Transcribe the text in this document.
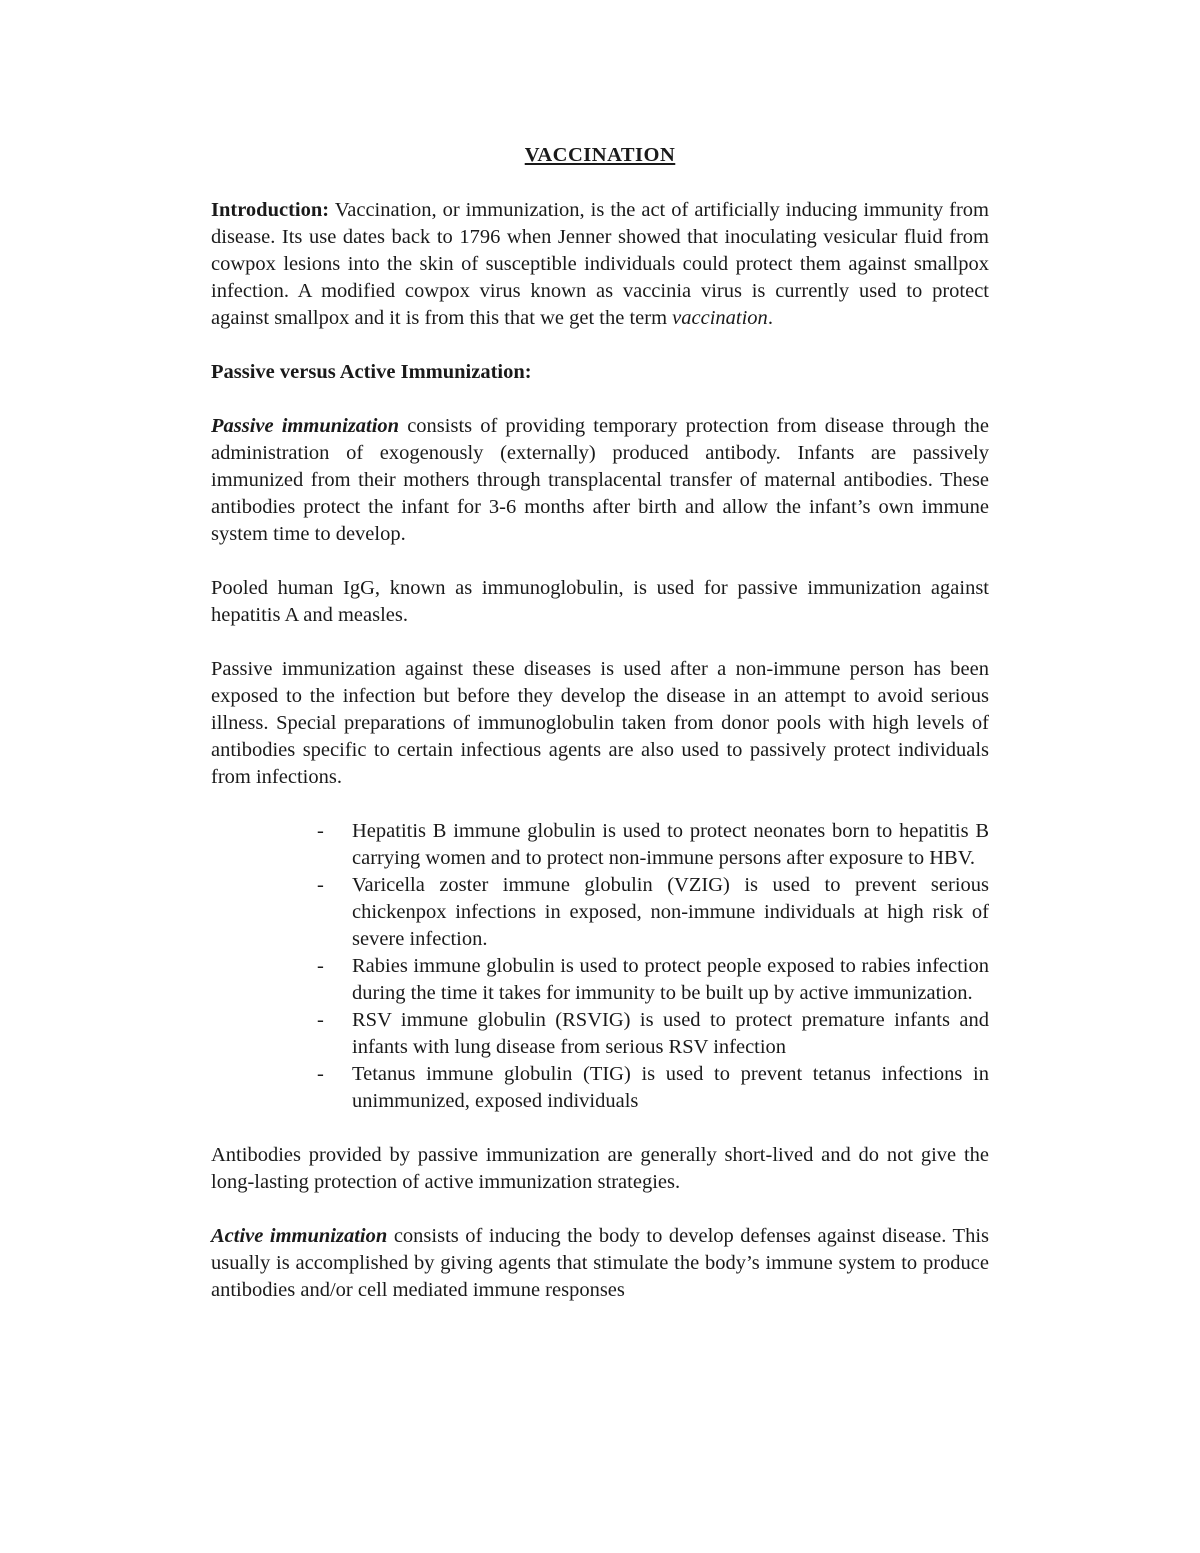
VACCINATION

Introduction: Vaccination, or immunization, is the act of artificially inducing immunity from disease. Its use dates back to 1796 when Jenner showed that inoculating vesicular fluid from cowpox lesions into the skin of susceptible individuals could protect them against smallpox infection. A modified cowpox virus known as vaccinia virus is currently used to protect against smallpox and it is from this that we get the term vaccination.

Passive versus Active Immunization:

Passive immunization consists of providing temporary protection from disease through the administration of exogenously (externally) produced antibody. Infants are passively immunized from their mothers through transplacental transfer of maternal antibodies. These antibodies protect the infant for 3-6 months after birth and allow the infant’s own immune system time to develop.

Pooled human IgG, known as immunoglobulin, is used for passive immunization against hepatitis A and measles.

Passive immunization against these diseases is used after a non-immune person has been exposed to the infection but before they develop the disease in an attempt to avoid serious illness. Special preparations of immunoglobulin taken from donor pools with high levels of antibodies specific to certain infectious agents are also used to passively protect individuals from infections.

- Hepatitis B immune globulin is used to protect neonates born to hepatitis B carrying women and to protect non-immune persons after exposure to HBV.
- Varicella zoster immune globulin (VZIG) is used to prevent serious chickenpox infections in exposed, non-immune individuals at high risk of severe infection.
- Rabies immune globulin is used to protect people exposed to rabies infection during the time it takes for immunity to be built up by active immunization.
- RSV immune globulin (RSVIG) is used to protect premature infants and infants with lung disease from serious RSV infection
- Tetanus immune globulin (TIG) is used to prevent tetanus infections in unimmunized, exposed individuals

Antibodies provided by passive immunization are generally short-lived and do not give the long-lasting protection of active immunization strategies.

Active immunization consists of inducing the body to develop defenses against disease. This usually is accomplished by giving agents that stimulate the body’s immune system to produce antibodies and/or cell mediated immune responses
